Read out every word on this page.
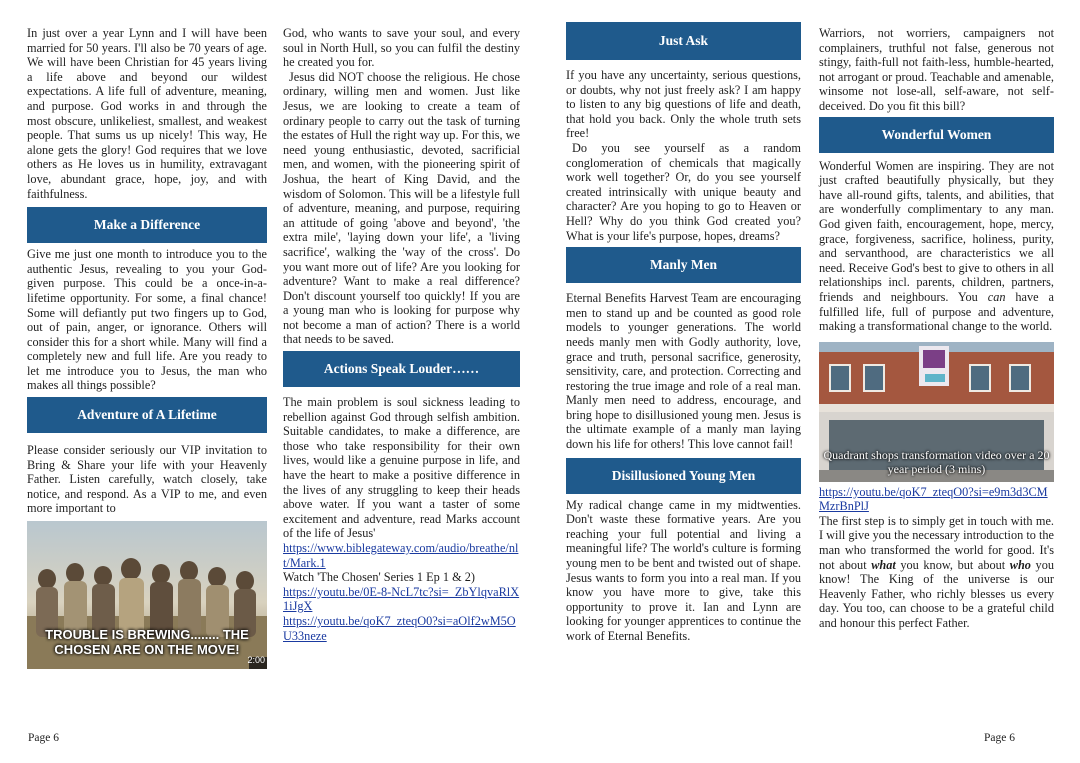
In just over a year Lynn and I will have been married for 50 years. I'll also be 70 years of age. We will have been Christian for 45 years living a life above and beyond our wildest expectations. A life full of adventure, meaning, and purpose. God works in and through the most obscure, unlikeliest, smallest, and weakest people. That sums us up nicely! This way, He alone gets the glory! God requires that we love others as He loves us in humility, extravagant love, abundant grace, hope, joy, and with faithfulness.

Make a Difference

Give me just one month to introduce you to the authentic Jesus, revealing to you your God-given purpose. This could be a once-in-a-lifetime opportunity. For some, a final chance! Some will defiantly put two fingers up to God, out of pain, anger, or ignorance. Others will consider this for a short while. Many will find a completely new and full life. Are you ready to let me introduce you to Jesus, the man who makes all things possible?

Adventure of A Lifetime

Please consider seriously our VIP invitation to Bring & Share your life with your Heavenly Father. Listen carefully, watch closely, take notice, and respond. As a VIP to me, and even more important to

TROUBLE IS BREWING........ THE CHOSEN ARE ON THE MOVE!
2:00

God, who wants to save your soul, and every soul in North Hull, so you can fulfil the destiny he created you for.

Jesus did NOT choose the religious. He chose ordinary, willing men and women. Just like Jesus, we are looking to create a team of ordinary people to carry out the task of turning the estates of Hull the right way up. For this, we need young enthusiastic, devoted, sacrificial men, and women, with the pioneering spirit of Joshua, the heart of King David, and the wisdom of Solomon. This will be a lifestyle full of adventure, meaning, and purpose, requiring an attitude of going 'above and beyond', 'the extra mile', 'laying down your life', a 'living sacrifice', walking the 'way of the cross'. Do you want more out of life? Are you looking for adventure? Want to make a real difference? Don't discount yourself too quickly! If you are a young man who is looking for purpose why not become a man of action? There is a world that needs to be saved.

Actions Speak Louder……

The main problem is soul sickness leading to rebellion against God through selfish ambition. Suitable candidates, to make a difference, are those who take responsibility for their own lives, would like a genuine purpose in life, and have the heart to make a positive difference in the lives of any struggling to keep their heads above water. If you want a taster of some excitement and adventure, read Marks account of the life of Jesus'

https://www.biblegateway.com/audio/breathe/nlt/Mark.1

Watch 'The Chosen' Series 1 Ep 1 & 2)

https://youtu.be/0E-8-NcL7tc?si=_ZbYlqvaRlX1iJgX

https://youtu.be/qoK7_zteqO0?si=aOlf2wM5OU33neze

Just Ask

If you have any uncertainty, serious questions, or doubts, why not just freely ask? I am happy to listen to any big questions of life and death, that hold you back. Only the whole truth sets free!

Do you see yourself as a random conglomeration of chemicals that magically work well together? Or, do you see yourself created intrinsically with unique beauty and character? Are you hoping to go to Heaven or Hell? Why do you think God created you? What is your life's purpose, hopes, dreams?

Manly Men

Eternal Benefits Harvest Team are encouraging men to stand up and be counted as good role models to younger generations. The world needs manly men with Godly authority, love, grace and truth, personal sacrifice, generosity, sensitivity, care, and protection. Correcting and restoring the true image and role of a real man. Manly men need to address, encourage, and bring hope to disillusioned young men. Jesus is the ultimate example of a manly man laying down his life for others! This love cannot fail!

Disillusioned Young Men

My radical change came in my midtwenties. Don't waste these formative years. Are you reaching your full potential and living a meaningful life? The world's culture is forming young men to be bent and twisted out of shape. Jesus wants to form you into a real man. If you know you have more to give, take this opportunity to prove it. Ian and Lynn are looking for younger apprentices to continue the work of Eternal Benefits.

Warriors, not worriers, campaigners not complainers, truthful not false, generous not stingy, faith-full not faith-less, humble-hearted, not arrogant or proud. Teachable and amenable, winsome not lose-all, self-aware, not self-deceived. Do you fit this bill?

Wonderful Women

Wonderful Women are inspiring. They are not just crafted beautifully physically, but they have all-round gifts, talents, and abilities, that are wonderfully complimentary to any man. God given faith, encouragement, hope, mercy, grace, forgiveness, sacrifice, holiness, purity, and servanthood, are characteristics we all need. Receive God's best to give to others in all relationships incl. parents, children, partners, friends and neighbours. You can have a fulfilled life, full of purpose and adventure, making a transformational change to the world.

Quadrant shops transformation video over a 20 year period (3 mins)

https://youtu.be/qoK7_zteqO0?si=e9m3d3CMMzrBnPlJ

The first step is to simply get in touch with me. I will give you the necessary introduction to the man who transformed the world for good. It's not about what you know, but about who you know! The King of the universe is our Heavenly Father, who richly blesses us every day. You too, can choose to be a grateful child and honour this perfect Father.

Page 6	Page 6
